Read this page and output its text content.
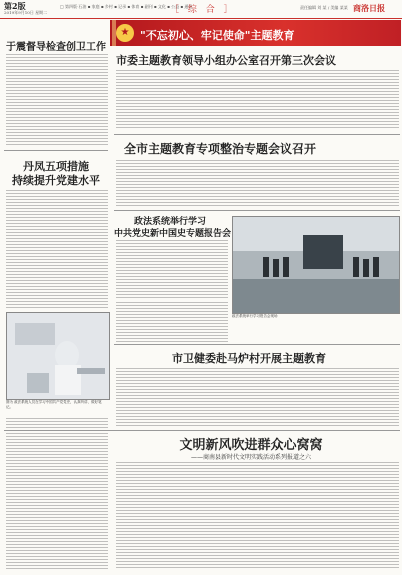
第2版
2019年9月10日 星期二
□ 第四版·石油 ▪ 家庭 ▪ 乡村 ▪ 记录 ▪ 体育 ▪ 副刊 ▪ 文化 ▪ 公益 ▪ 通讯
［ 综 合 ］	责任编辑 刘 某 / 美编 某某 商洛日报
★ "不忘初心、牢记使命"主题教育
于震督导检查创卫工作
丹凤五项措施
持续提升党建水平
图为 政法系统人员在学习中国共产党党史，认真听讲、做好笔记。
市委主题教育领导小组办公室召开第三次会议
全市主题教育专项整治专题会议召开
政法系统举行学习
中共党史新中国史专题报告会
政法系统举行学习报告会现场
市卫健委赴马炉村开展主题教育
文明新风吹进群众心窝窝
——商南县新时代文明实践活动系列报道之六
